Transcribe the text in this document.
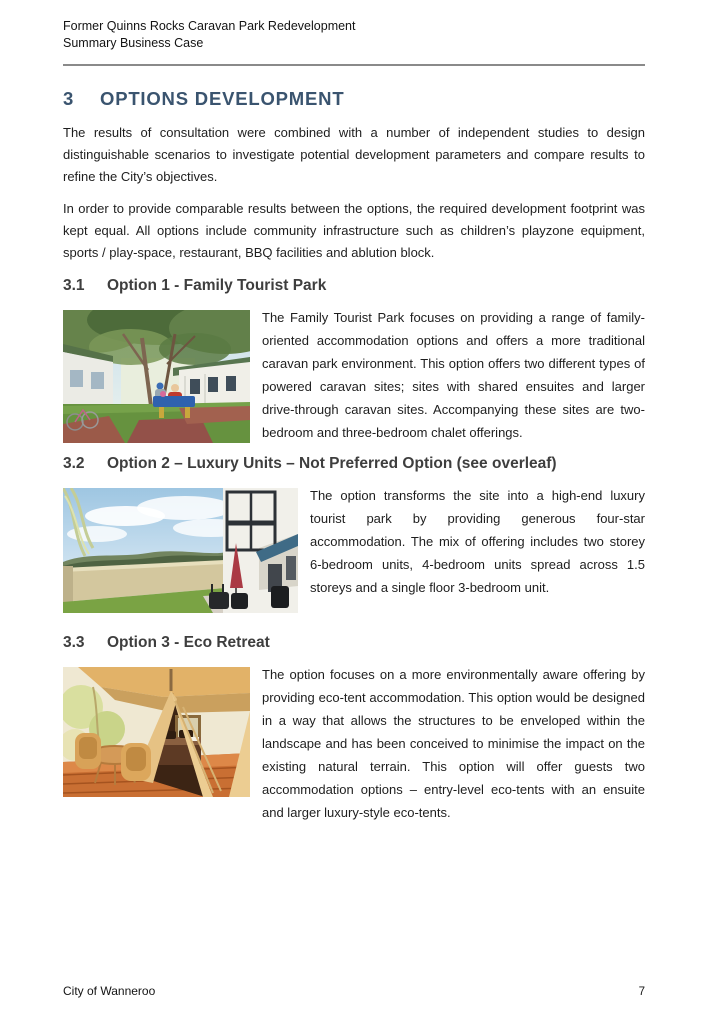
Former Quinns Rocks Caravan Park Redevelopment
Summary Business Case
3	OPTIONS DEVELOPMENT

The results of consultation were combined with a number of independent studies to design distinguishable scenarios to investigate potential development parameters and compare results to refine the City’s objectives.

In order to provide comparable results between the options, the required development footprint was kept equal. All options include community infrastructure such as children’s playzone equipment, sports / play-space, restaurant, BBQ facilities and ablution block.

3.1	Option 1 - Family Tourist Park

The Family Tourist Park focuses on providing a range of family-oriented accommodation options and offers a more traditional caravan park environment. This option offers two different types of powered caravan sites; sites with shared ensuites and larger drive-through caravan sites. Accompanying these sites are two-bedroom and three-bedroom chalet offerings.

3.2	Option 2 – Luxury Units – Not Preferred Option (see overleaf)

The option transforms the site into a high-end luxury tourist park by providing generous four-star accommodation. The mix of offering includes two storey 6-bedroom units, 4-bedroom units spread across 1.5 storeys and a single floor 3-bedroom unit.

3.3	Option 3 - Eco Retreat

The option focuses on a more environmentally aware offering by providing eco-tent accommodation. This option would be designed in a way that allows the structures to be enveloped within the landscape and has been conceived to minimise the impact on the existing natural terrain. This option will offer guests two accommodation options – entry-level eco-tents with an ensuite and larger luxury-style eco-tents.

City of Wanneroo	7
